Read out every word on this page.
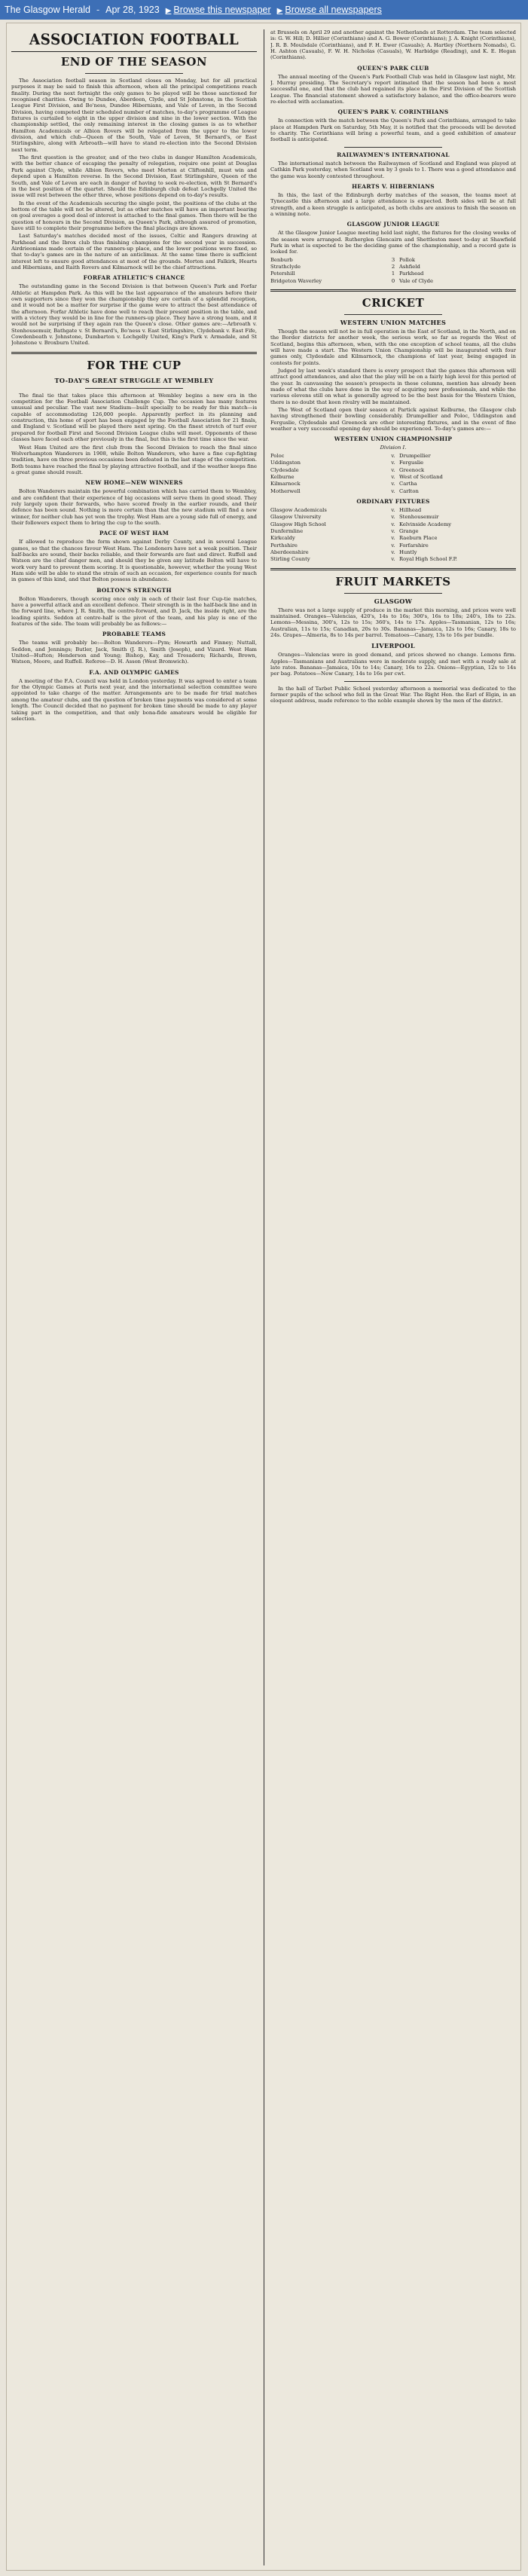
The Glasgow Herald - Apr 28, 1923 ▶ Browse this newspaper ▶ Browse all newspapers
ASSOCIATION FOOTBALL
END OF THE SEASON

The Association football season in Scotland closes on Monday, but for all practical purposes it may be said to finish this afternoon, when all the principal competitions reach finality. During the next fortnight the only games to be played will be those sanctioned for recognised charities. Owing to Dundee, Aberdeen, Clyde, and St Johnstone, in the Scottish League First Division, and Bo'ness, Dundee Hibernians, and Vale of Leven, in the Second Division, having competed their scheduled number of matches, to-day's programme of League fixtures is curtailed to eight in the upper division and nine in the lower section. With the championship settled, the only remaining interest in the closing games is as to whether Hamilton Academicals or Albion Rovers will be relegated from the upper to the lower division, and which club—Queen of the South, Vale of Leven, St Bernard's, or East Stirlingshire, along with Arbroath—will have to stand re-election into the Second Division next term.

The first question is the greater, and of the two clubs in danger Hamilton Academicals, with the better chance of escaping the penalty of relegation, require one point at Douglas Park against Clyde, while Albion Rovers, who meet Morton at Cliftonhill, must win and depend upon a Hamilton reverse. In the Second Division, East Stirlingshire, Queen of the South, and Vale of Leven are each in danger of having to seek re-election, with St Bernard's in the best position of the quartet. Should the Edinburgh club defeat Lochgelly United the issue will rest between the other three, whose positions depend on to-day's results.

In the event of the Academicals securing the single point, the positions of the clubs at the bottom of the table will not be altered, but as other matches will have an important bearing on goal averages a good deal of interest is attached to the final games. Then there will be the question of honours in the Second Division, as Queen's Park, although assured of promotion, have still to complete their programme before the final placings are known.

Last Saturday's matches decided most of the issues, Celtic and Rangers drawing at Parkhead and the Ibrox club thus finishing champions for the second year in succession. Airdrieonians made certain of the runners-up place, and the lower positions were fixed, so that to-day's games are in the nature of an anticlimax. At the same time there is sufficient interest left to ensure good attendances at most of the grounds. Morton and Falkirk, Hearts and Hibernians, and Raith Rovers and Kilmarnock will be the chief attractions.

FORFAR ATHLETIC'S CHANCE

The outstanding game in the Second Division is that between Queen's Park and Forfar Athletic at Hampden Park. As this will be the last appearance of the amateurs before their own supporters since they won the championship they are certain of a splendid reception, and it would not be a matter for surprise if the game were to attract the best attendance of the afternoon. Forfar Athletic have done well to reach their present position in the table, and with a victory they would be in line for the runners-up place. They have a strong team, and it would not be surprising if they again ran the Queen's close. Other games are:—Arbroath v. Stenhousemuir, Bathgate v. St Bernard's, Bo'ness v. East Stirlingshire, Clydebank v. East Fife, Cowdenbeath v. Johnstone, Dumbarton v. Lochgelly United, King's Park v. Armadale, and St Johnstone v. Broxburn United.

FOR THE CUP
TO-DAY'S GREAT STRUGGLE AT WEMBLEY

The final tie that takes place this afternoon at Wembley begins a new era in the competition for the Football Association Challenge Cup. The occasion has many features unusual and peculiar. The vast new Stadium—built specially to be ready for this match—is capable of accommodating 126,000 people. Apparently perfect in its planning and construction, this home of sport has been engaged by the Football Association for 21 finals, and England v. Scotland will be played there next spring. On the finest stretch of turf ever prepared for football First and Second Division League clubs will meet. Opponents of these classes have faced each other previously in the final, but this is the first time since the war.

West Ham United are the first club from the Second Division to reach the final since Wolverhampton Wanderers in 1908, while Bolton Wanderers, who have a fine cup-fighting tradition, have on three previous occasions been defeated in the last stage of the competition. Both teams have reached the final by playing attractive football, and if the weather keeps fine a great game should result.

NEW HOME—NEW WINNERS

Bolton Wanderers maintain the powerful combination which has carried them to Wembley, and are confident that their experience of big occasions will serve them in good stead. They rely largely upon their forwards, who have scored freely in the earlier rounds, and their defence has been sound. Nothing is more certain than that the new stadium will find a new winner, for neither club has yet won the trophy. West Ham are a young side full of energy, and their followers expect them to bring the cup to the south.

PACE OF WEST HAM

If allowed to reproduce the form shown against Derby County, and in several League games, so that the chances favour West Ham. The Londoners have not a weak position. Their half-backs are sound, their backs reliable, and their forwards are fast and direct. Ruffell and Watson are the chief danger men, and should they be given any latitude Bolton will have to work very hard to prevent them scoring. It is questionable, however, whether the young West Ham side will be able to stand the strain of such an occasion, for experience counts for much in games of this kind, and that Bolton possess in abundance.

BOLTON'S STRENGTH

Bolton Wanderers, though scoring once only in each of their last four Cup-tie matches, have a powerful attack and an excellent defence. Their strength is in the half-back line and in the forward line, where J. R. Smith, the centre-forward, and D. Jack, the inside right, are the leading spirits. Seddon at centre-half is the pivot of the team, and his play is one of the features of the side. The team will probably be as follows:—

PROBABLE TEAMS

The teams will probably be:—Bolton Wanderers—Pym; Howarth and Finney; Nuttall, Seddon, and Jennings; Butler, Jack, Smith (J. R.), Smith (Joseph), and Vizard. West Ham United—Hufton; Henderson and Young; Bishop, Kay, and Tresadern; Richards, Brown, Watson, Moore, and Ruffell. Referee—D. H. Asson (West Bromwich).

F.A. AND OLYMPIC GAMES

A meeting of the F.A. Council was held in London yesterday. It was agreed to enter a team for the Olympic Games at Paris next year, and the international selection committee were appointed to take charge of the matter. Arrangements are to be made for trial matches among the amateur clubs, and the question of broken time payments was considered at some length. The Council decided that no payment for broken time should be made to any player taking part in the competition, and that only bona-fide amateurs would be eligible for selection.

at Brussels on April 29 and another against the Netherlands at Rotterdam. The team selected is: G. W. Hill; D. Hillier (Corinthians) and A. G. Bower (Corinthians); J. A. Knight (Corinthians), J. R. B. Moulsdale (Corinthians), and F. H. Ewer (Casuals); A. Hartley (Northern Nomads), G. H. Ashton (Casuals), F. W. H. Nicholas (Casuals), W. Harbidge (Reading), and K. E. Hegan (Corinthians).

QUEEN'S PARK CLUB

The annual meeting of the Queen's Park Football Club was held in Glasgow last night, Mr. J. Murray presiding. The Secretary's report intimated that the season had been a most successful one, and that the club had regained its place in the First Division of the Scottish League. The financial statement showed a satisfactory balance, and the office-bearers were re-elected with acclamation.

QUEEN'S PARK V. CORINTHIANS

In connection with the match between the Queen's Park and Corinthians, arranged to take place at Hampden Park on Saturday, 5th May, it is notified that the proceeds will be devoted to charity. The Corinthians will bring a powerful team, and a good exhibition of amateur football is anticipated.

RAILWAYMEN'S INTERNATIONAL

The international match between the Railwaymen of Scotland and England was played at Cathkin Park yesterday, when Scotland won by 3 goals to 1. There was a good attendance and the game was keenly contested throughout.

HEARTS V. HIBERNIANS

In this, the last of the Edinburgh derby matches of the season, the teams meet at Tynecastle this afternoon and a large attendance is expected. Both sides will be at full strength, and a keen struggle is anticipated, as both clubs are anxious to finish the season on a winning note.

GLASGOW JUNIOR LEAGUE

At the Glasgow Junior League meeting held last night, the fixtures for the closing weeks of the season were arranged. Rutherglen Glencairn and Shettleston meet to-day at Shawfield Park in what is expected to be the deciding game of the championship, and a record gate is looked for.

Benburb	3 Pollok
Strathclyde	2 Ashfield
Petershill	1 Parkhead
Bridgeton Waverley	0 Vale of Clyde
CRICKET
WESTERN UNION MATCHES

Though the season will not be in full operation in the East of Scotland, in the North, and on the Border districts for another week, the serious work, so far as regards the West of Scotland, begins this afternoon, when, with the one exception of school teams, all the clubs will have made a start. The Western Union Championship will be inaugurated with four games only, Clydesdale and Kilmarnock, the champions of last year, being engaged in contests for points.

Judged by last week's standard there is every prospect that the games this afternoon will attract good attendances, and also that the play will be on a fairly high level for this period of the year. In canvassing the season's prospects in these columns, mention has already been made of what the clubs have done in the way of acquiring new professionals, and while the various elevens still on what is generally agreed to be the best basis for the Western Union, there is no doubt that keen rivalry will be maintained.

The West of Scotland open their season at Partick against Kelburne, the Glasgow club having strengthened their bowling considerably. Drumpellier and Poloc, Uddingston and Ferguslie, Clydesdale and Greenock are other interesting fixtures, and in the event of fine weather a very successful opening day should be experienced. To-day's games are:—

WESTERN UNION CHAMPIONSHIP
Division I.
Poloc	v. Drumpellier
Uddingston	v. Ferguslie
Clydesdale	v. Greenock
Kelburne	v. West of Scotland
Kilmarnock	v. Cartha
Motherwell	v. Carlton
ORDINARY FIXTURES
Glasgow Academicals	v. Hillhead
Glasgow University	v. Stenhousemuir
Glasgow High School	v. Kelvinside Academy
Dunfermline	v. Grange
Kirkcaldy	v. Raeburn Place
Perthshire	v. Forfarshire
Aberdeenshire	v. Huntly
Stirling County	v. Royal High School F.P.
FRUIT MARKETS
GLASGOW

There was not a large supply of produce in the market this morning, and prices were well maintained. Oranges—Valencias, 420's, 14s to 16s; 300's, 16s to 18s; 240's, 18s to 22s. Lemons—Messina, 300's, 12s to 15s; 360's, 14s to 17s. Apples—Tasmanian, 12s to 16s; Australian, 11s to 15s; Canadian, 20s to 30s. Bananas—Jamaica, 12s to 16s; Canary, 18s to 24s. Grapes—Almeria, 8s to 14s per barrel. Tomatoes—Canary, 13s to 16s per bundle.

LIVERPOOL

Oranges—Valencias were in good demand, and prices showed no change. Lemons firm. Apples—Tasmanians and Australians were in moderate supply, and met with a ready sale at late rates. Bananas—Jamaica, 10s to 14s; Canary, 16s to 22s. Onions—Egyptian, 12s to 14s per bag. Potatoes—New Canary, 14s to 16s per cwt.

In the hall of Tarbet Public School yesterday afternoon a memorial was dedicated to the former pupils of the school who fell in the Great War. The Right Hon. the Earl of Elgin, in an eloquent address, made reference to the noble example shown by the men of the district.
